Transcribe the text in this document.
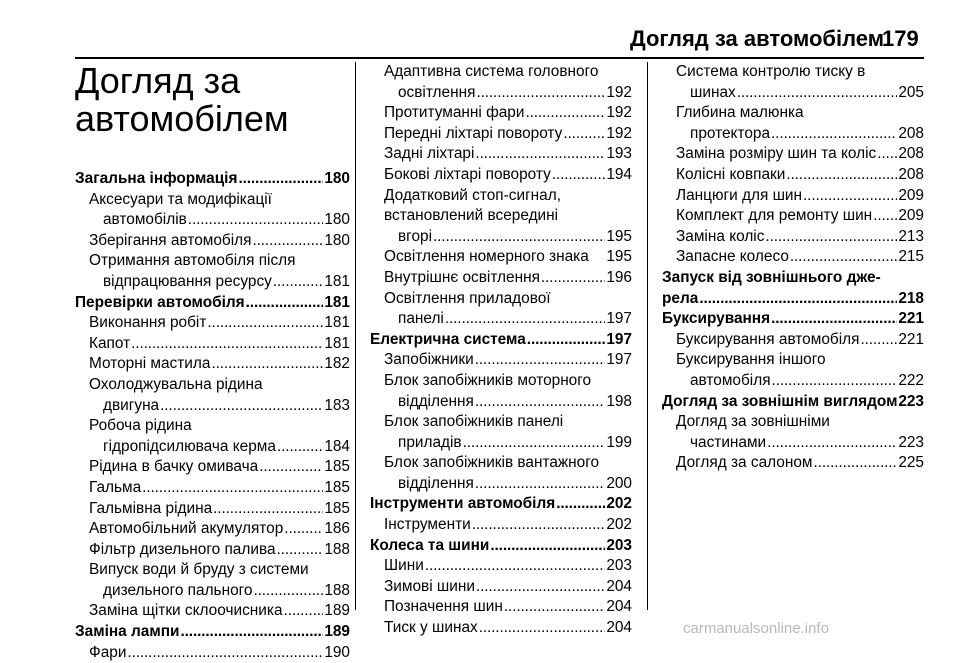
Догляд за автомобілем
179
Догляд за
автомобілем
Загальна інформація . . .	180
Аксесуари та модифікації
автомобілів . . .	180
Зберігання автомобіля . . .	180
Отримання автомобіля після
відпрацювання ресурсу . . .	181
Перевірки автомобіля . . .	181
Виконання робіт . . .	181
Капот . . .	181
Моторні мастила . . .	182
Охолоджувальна рідина
двигуна . . .	183
Робоча рідина
гідропідсилювача керма . . .	184
Рідина в бачку омивача . . .	185
Гальма . . .	185
Гальмівна рідина . . .	185
Автомобільний акумулятор . . .	186
Фільтр дизельного палива . . .	188
Випуск води й бруду з системи
дизельного пального . . .	188
Заміна щітки склоочисника . . .	189
Заміна лампи . . .	189
Фари . . .	190
Адаптивна система головного
освітлення . . .	192
Протитуманні фари . . .	192
Передні ліхтарі повороту . . .	192
Задні ліхтарі . . .	193
Бокові ліхтарі повороту . . .	194
Додатковий стоп-сигнал,
встановлений всередині
вгорі . . .	195
Освітлення номерного знака 195
Внутрішнє освітлення . . .	196
Освітлення приладової
панелі . . .	197
Електрична система . . .	197
Запобіжники . . .	197
Блок запобіжників моторного
відділення . . .	198
Блок запобіжників панелі
приладів . . .	199
Блок запобіжників вантажного
відділення . . .	200
Інструменти автомобіля . . .	202
Інструменти . . .	202
Колеса та шини . . .	203
Шини . . .	203
Зимові шини . . .	204
Позначення шин . . .	204
Тиск у шинах . . .	204
Система контролю тиску в
шинах . . .	205
Глибина малюнка
протектора . . .	208
Заміна розміру шин та коліс . . . 208
Колісні ковпаки . . .	208
Ланцюги для шин . . .	209
Комплект для ремонту шин . . . 209
Заміна коліс . . .	213
Запасне колесо . . .	215
Запуск від зовнішнього дже-
рела . . .	218
Буксирування . . .	221
Буксирування автомобіля . . .	221
Буксирування іншого
автомобіля . . .	222
Догляд за зовнішнім виглядом 223
Догляд за зовнішніми
частинами . . .	223
Догляд за салоном . . .	225
carmanualsonline.info
